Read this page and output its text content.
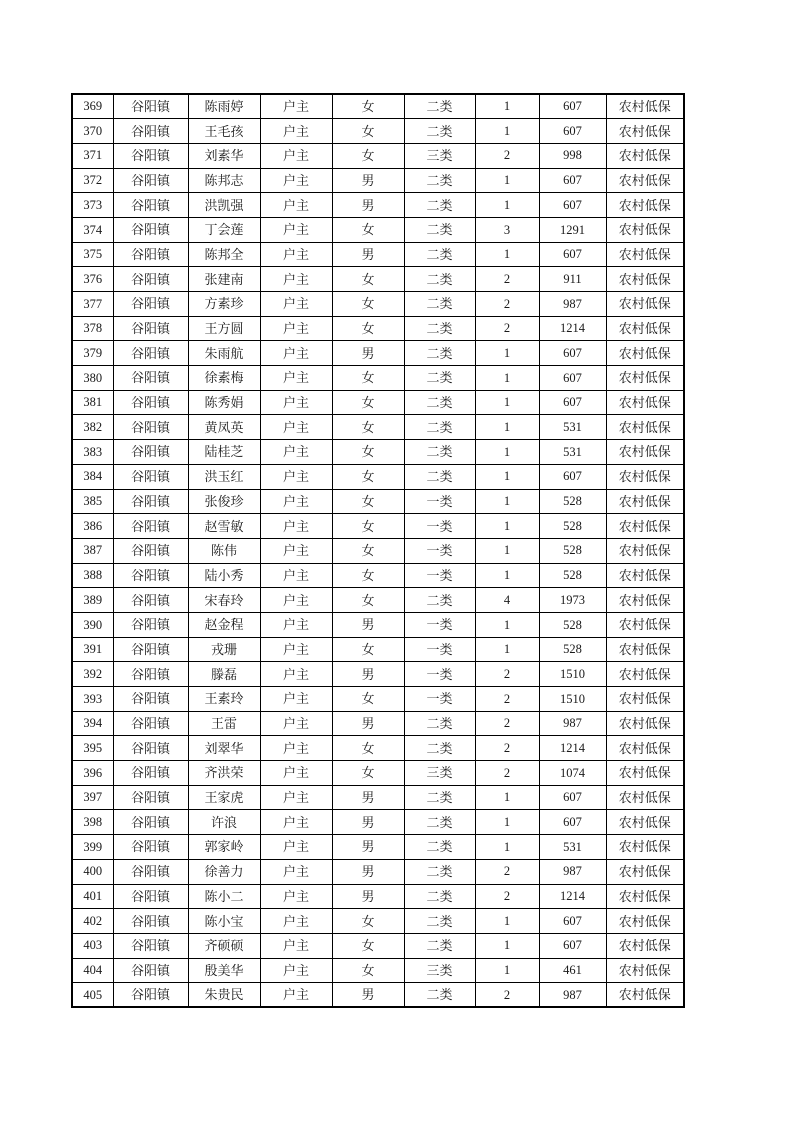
369	谷阳镇	陈雨婷	户主	女	二类	1	607	农村低保
370	谷阳镇	王毛孩	户主	女	二类	1	607	农村低保
371	谷阳镇	刘素华	户主	女	三类	2	998	农村低保
372	谷阳镇	陈邦志	户主	男	二类	1	607	农村低保
373	谷阳镇	洪凯强	户主	男	二类	1	607	农村低保
374	谷阳镇	丁会莲	户主	女	二类	3	1291	农村低保
375	谷阳镇	陈邦全	户主	男	二类	1	607	农村低保
376	谷阳镇	张建南	户主	女	二类	2	911	农村低保
377	谷阳镇	方素珍	户主	女	二类	2	987	农村低保
378	谷阳镇	王方圆	户主	女	二类	2	1214	农村低保
379	谷阳镇	朱雨航	户主	男	二类	1	607	农村低保
380	谷阳镇	徐素梅	户主	女	二类	1	607	农村低保
381	谷阳镇	陈秀娟	户主	女	二类	1	607	农村低保
382	谷阳镇	黄凤英	户主	女	二类	1	531	农村低保
383	谷阳镇	陆桂芝	户主	女	二类	1	531	农村低保
384	谷阳镇	洪玉红	户主	女	二类	1	607	农村低保
385	谷阳镇	张俊珍	户主	女	一类	1	528	农村低保
386	谷阳镇	赵雪敏	户主	女	一类	1	528	农村低保
387	谷阳镇	陈伟	户主	女	一类	1	528	农村低保
388	谷阳镇	陆小秀	户主	女	一类	1	528	农村低保
389	谷阳镇	宋春玲	户主	女	二类	4	1973	农村低保
390	谷阳镇	赵金程	户主	男	一类	1	528	农村低保
391	谷阳镇	戎珊	户主	女	一类	1	528	农村低保
392	谷阳镇	滕磊	户主	男	一类	2	1510	农村低保
393	谷阳镇	王素玲	户主	女	一类	2	1510	农村低保
394	谷阳镇	王雷	户主	男	二类	2	987	农村低保
395	谷阳镇	刘翠华	户主	女	二类	2	1214	农村低保
396	谷阳镇	齐洪荣	户主	女	三类	2	1074	农村低保
397	谷阳镇	王家虎	户主	男	二类	1	607	农村低保
398	谷阳镇	许浪	户主	男	二类	1	607	农村低保
399	谷阳镇	郭家岭	户主	男	二类	1	531	农村低保
400	谷阳镇	徐善力	户主	男	二类	2	987	农村低保
401	谷阳镇	陈小二	户主	男	二类	2	1214	农村低保
402	谷阳镇	陈小宝	户主	女	二类	1	607	农村低保
403	谷阳镇	齐硕硕	户主	女	二类	1	607	农村低保
404	谷阳镇	殷美华	户主	女	三类	1	461	农村低保
405	谷阳镇	朱贵民	户主	男	二类	2	987	农村低保
